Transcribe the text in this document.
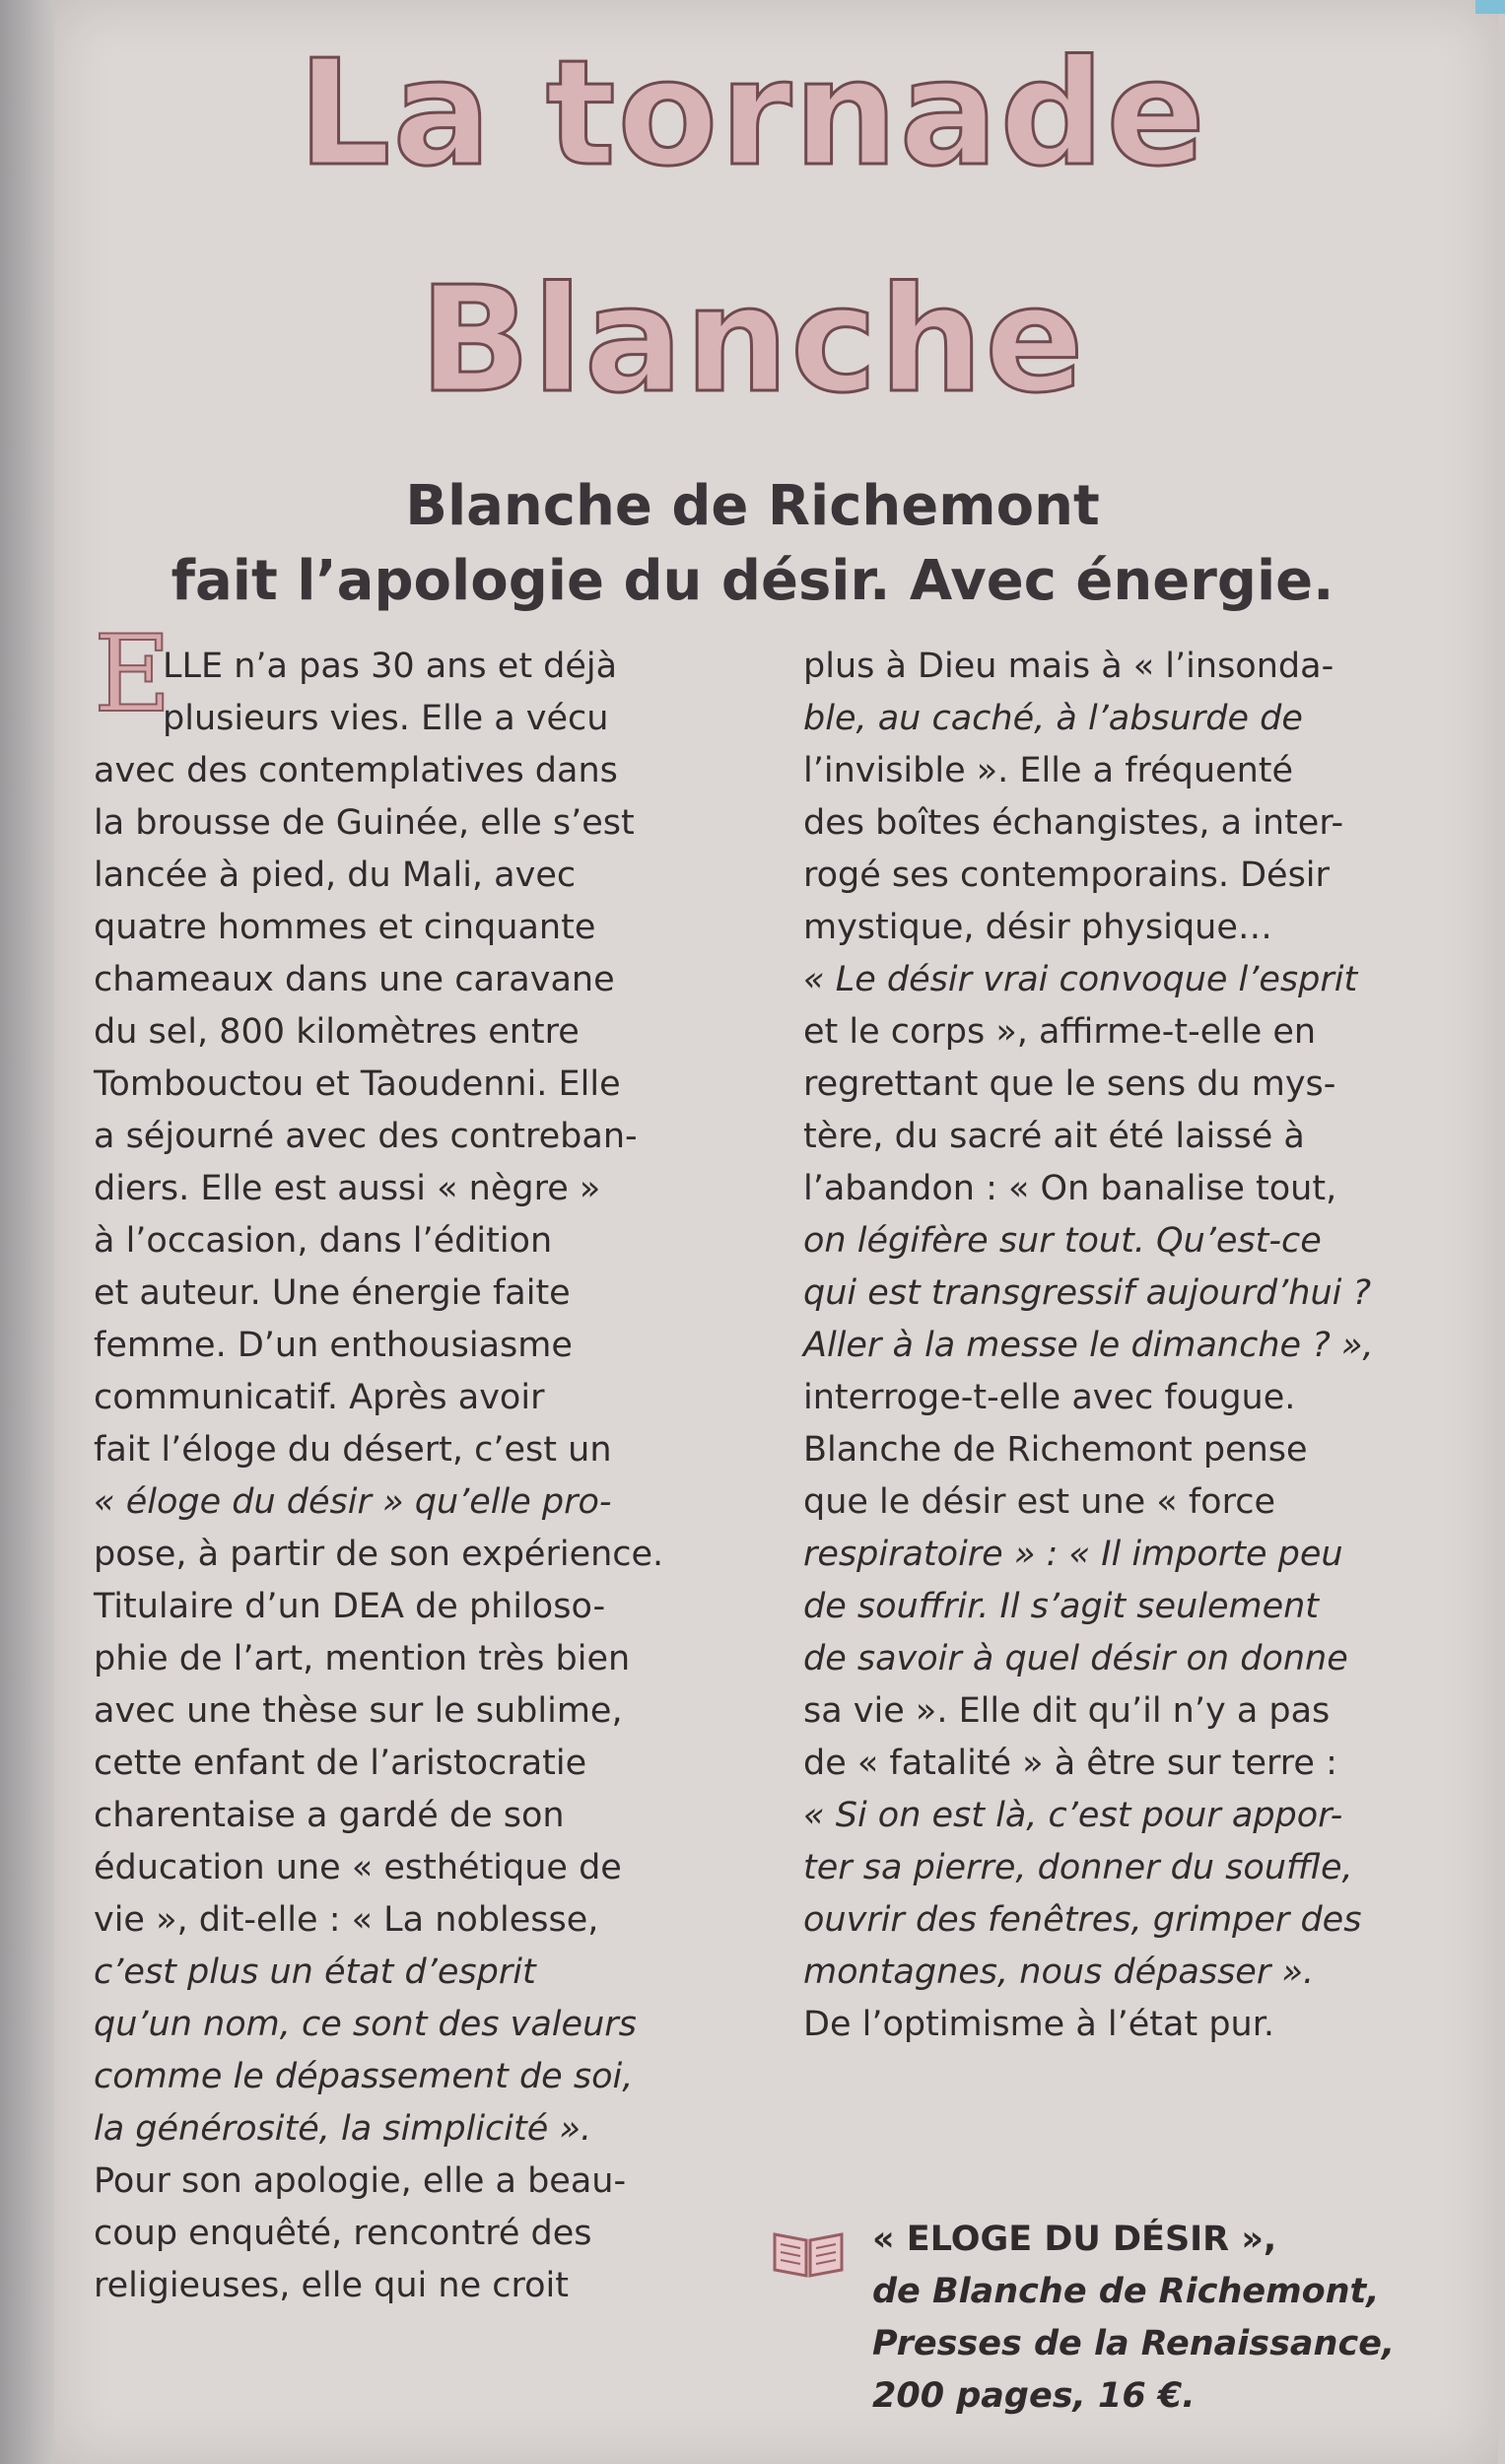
La tornade
Blanche
Blanche de Richemont
fait l’apologie du désir. Avec énergie.
E
LLE n’a pas 30 ans et déjà
plusieurs vies. Elle a vécu
avec des contemplatives dans
la brousse de Guinée, elle s’est
lancée à pied, du Mali, avec
quatre hommes et cinquante
chameaux dans une caravane
du sel, 800 kilomètres entre
Tombouctou et Taoudenni. Elle
a séjourné avec des contreban-
diers. Elle est aussi « nègre »
à l’occasion, dans l’édition
et auteur. Une énergie faite
femme. D’un enthousiasme
communicatif. Après avoir
fait l’éloge du désert, c’est un
« éloge du désir » qu’elle pro-
pose, à partir de son expérience.
Titulaire d’un DEA de philoso-
phie de l’art, mention très bien
avec une thèse sur le sublime,
cette enfant de l’aristocratie
charentaise a gardé de son
éducation une « esthétique de
vie », dit-elle : « La noblesse,
c’est plus un état d’esprit
qu’un nom, ce sont des valeurs
comme le dépassement de soi,
la générosité, la simplicité ».
Pour son apologie, elle a beau-
coup enquêté, rencontré des
religieuses, elle qui ne croit
plus à Dieu mais à « l’insonda-
ble, au caché, à l’absurde de
l’invisible ». Elle a fréquenté
des boîtes échangistes, a inter-
rogé ses contemporains. Désir
mystique, désir physique…
« Le désir vrai convoque l’esprit
et le corps », affirme-t-elle en
regrettant que le sens du mys-
tère, du sacré ait été laissé à
l’abandon : « On banalise tout,
on légifère sur tout. Qu’est-ce
qui est transgressif aujourd’hui ?
Aller à la messe le dimanche ? »,
interroge-t-elle avec fougue.
Blanche de Richemont pense
que le désir est une « force
respiratoire » : « Il importe peu
de souffrir. Il s’agit seulement
de savoir à quel désir on donne
sa vie ». Elle dit qu’il n’y a pas
de « fatalité » à être sur terre :
« Si on est là, c’est pour appor-
ter sa pierre, donner du souffle,
ouvrir des fenêtres, grimper des
montagnes, nous dépasser ».
De l’optimisme à l’état pur.
« ELOGE DU DÉSIR »,
de Blanche de Richemont,
Presses de la Renaissance,
200 pages, 16 €.
